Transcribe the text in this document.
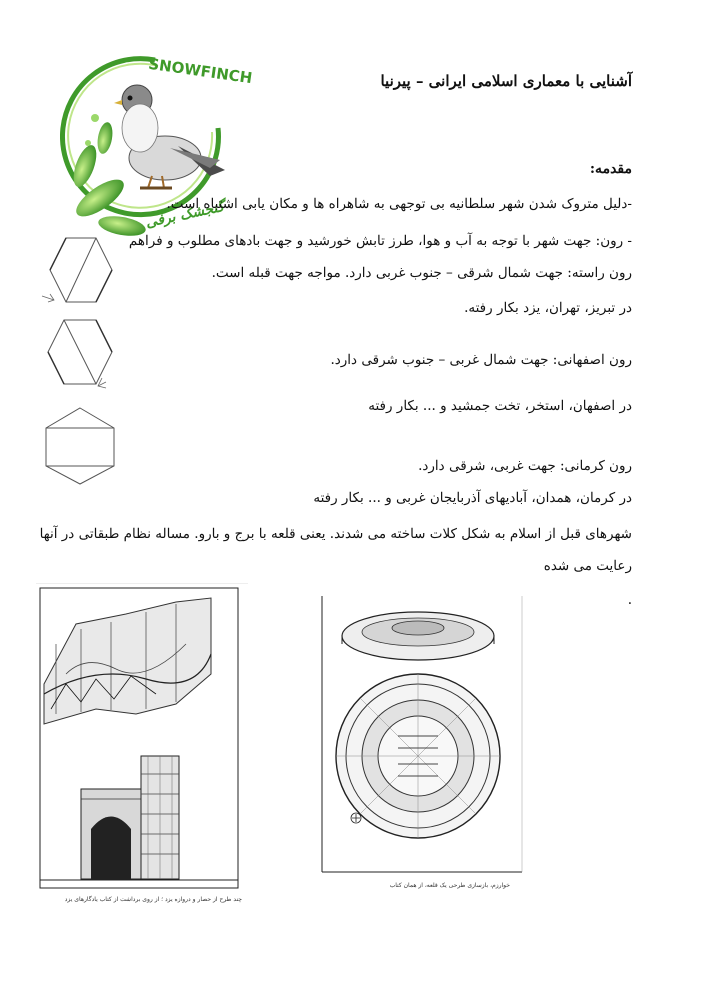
SNOWFINCH
گنجشک برفی
آشنایی با معماری اسلامی ایرانی – پیرنیا
مقدمه:
-دلیل متروک شدن شهر سلطانیه بی توجهی به شاهراه ها و مکان یابی اشتباه است.
- رون: جهت شهر با توجه به آب و هوا، طرز تابش خورشید و جهت بادهای مطلوب و فراهم
رون راسته: جهت شمال شرقی – جنوب غربی دارد. مواجه جهت قبله است.
در تبریز، تهران، یزد بکار رفته.
رون اصفهانی: جهت شمال غربی – جنوب شرقی دارد.
در اصفهان، استخر، تخت جمشید و ... بکار رفته
رون کرمانی: جهت غربی، شرقی دارد.
در کرمان، همدان، آبادیهای آذربایجان غربی و ... بکار رفته
شهرهای قبل از اسلام به شکل کلات ساخته می شدند. یعنی قلعه با برج و بارو. مساله نظام طبقاتی در آنها
رعایت می شده
.
چند طرح از حصار و دروازه یزد ؛ از روی برداشت از کتاب یادگارهای یزد
خوارزم، بازسازی طرحی یک قلعه، از همان کتاب
